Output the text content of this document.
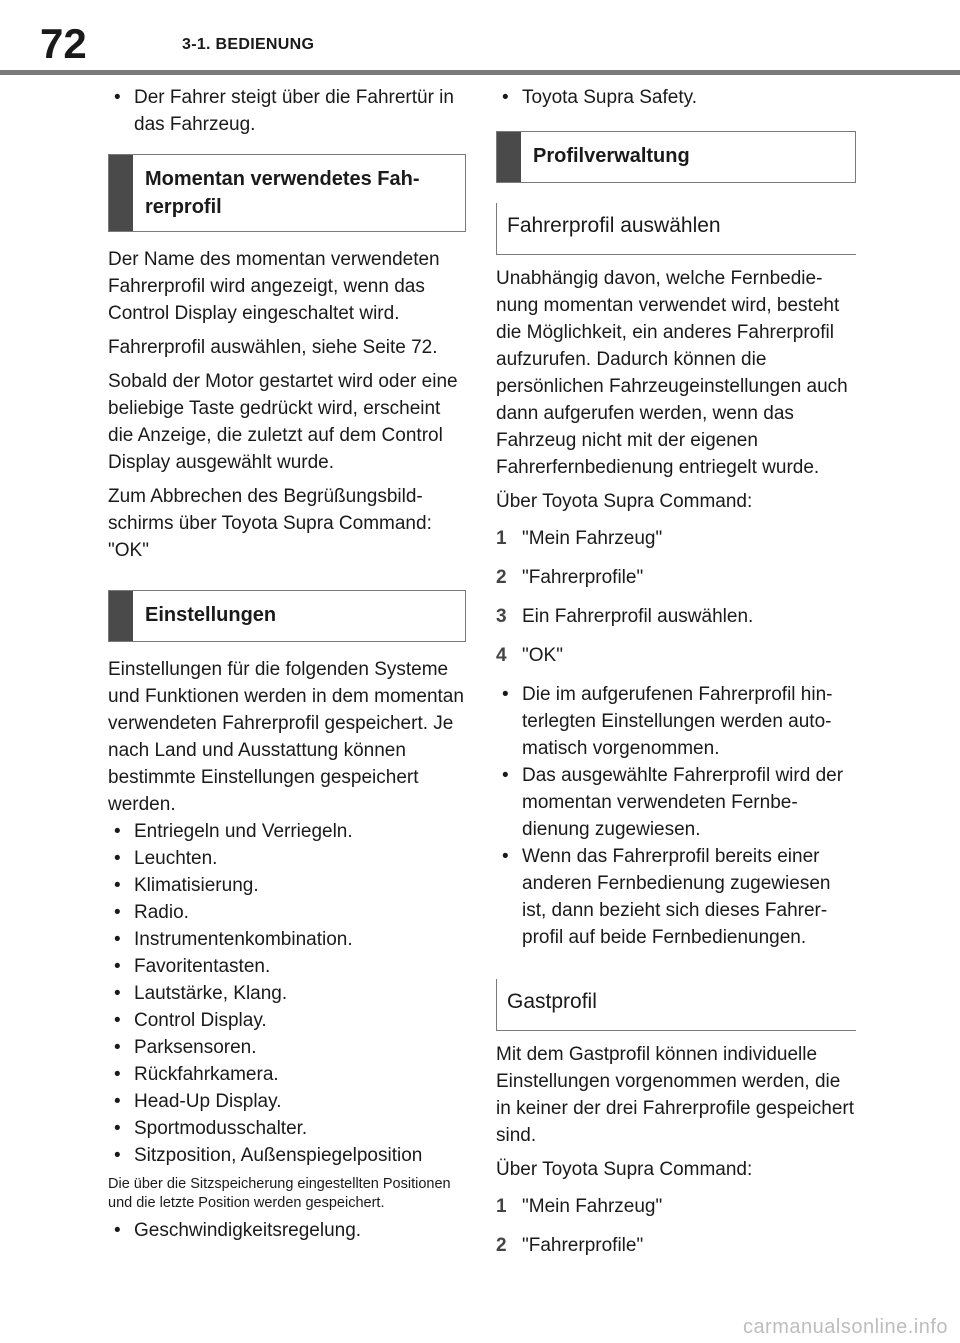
72	3-1. BEDIENUNG
• Der Fahrer steigt über die Fahrertür in das Fahrzeug.
Momentan verwendetes Fahrerprofil

Der Name des momentan verwendeten Fahrerprofil wird angezeigt, wenn das Control Display eingeschaltet wird.

Fahrerprofil auswählen, siehe Seite 72.

Sobald der Motor gestartet wird oder eine beliebige Taste gedrückt wird, erscheint die Anzeige, die zuletzt auf dem Control Display ausgewählt wurde.

Zum Abbrechen des Begrüßungsbildschirms über Toyota Supra Command: "OK"

Einstellungen

Einstellungen für die folgenden Systeme und Funktionen werden in dem momentan verwendeten Fahrerprofil gespeichert. Je nach Land und Ausstattung können bestimmte Einstellungen gespeichert werden.

• Entriegeln und Verriegeln.
• Leuchten.
• Klimatisierung.
• Radio.
• Instrumentenkombination.
• Favoritentasten.
• Lautstärke, Klang.
• Control Display.
• Parksensoren.
• Rückfahrkamera.
• Head-Up Display.
• Sportmodusschalter.
• Sitzposition, Außenspiegelposition

Die über die Sitzspeicherung eingestellten Positionen und die letzte Position werden gespeichert.

• Geschwindigkeitsregelung.
• Toyota Supra Safety.
Profilverwaltung
Fahrerprofil auswählen

Unabhängig davon, welche Fernbedienung momentan verwendet wird, besteht die Möglichkeit, ein anderes Fahrerprofil aufzurufen. Dadurch können die persönlichen Fahrzeugeinstellungen auch dann aufgerufen werden, wenn das Fahrzeug nicht mit der eigenen Fahrerfernbedienung entriegelt wurde.

Über Toyota Supra Command:

1 "Mein Fahrzeug"
2 "Fahrerprofile"
3 Ein Fahrerprofil auswählen.
4 "OK"
• Die im aufgerufenen Fahrerprofil hinterlegten Einstellungen werden automatisch vorgenommen.
• Das ausgewählte Fahrerprofil wird der momentan verwendeten Fernbedienung zugewiesen.
• Wenn das Fahrerprofil bereits einer anderen Fernbedienung zugewiesen ist, dann bezieht sich dieses Fahrerprofil auf beide Fernbedienungen.
Gastprofil

Mit dem Gastprofil können individuelle Einstellungen vorgenommen werden, die in keiner der drei Fahrerprofile gespeichert sind.

Über Toyota Supra Command:

1 "Mein Fahrzeug"
2 "Fahrerprofile"
carmanualsonline.info
